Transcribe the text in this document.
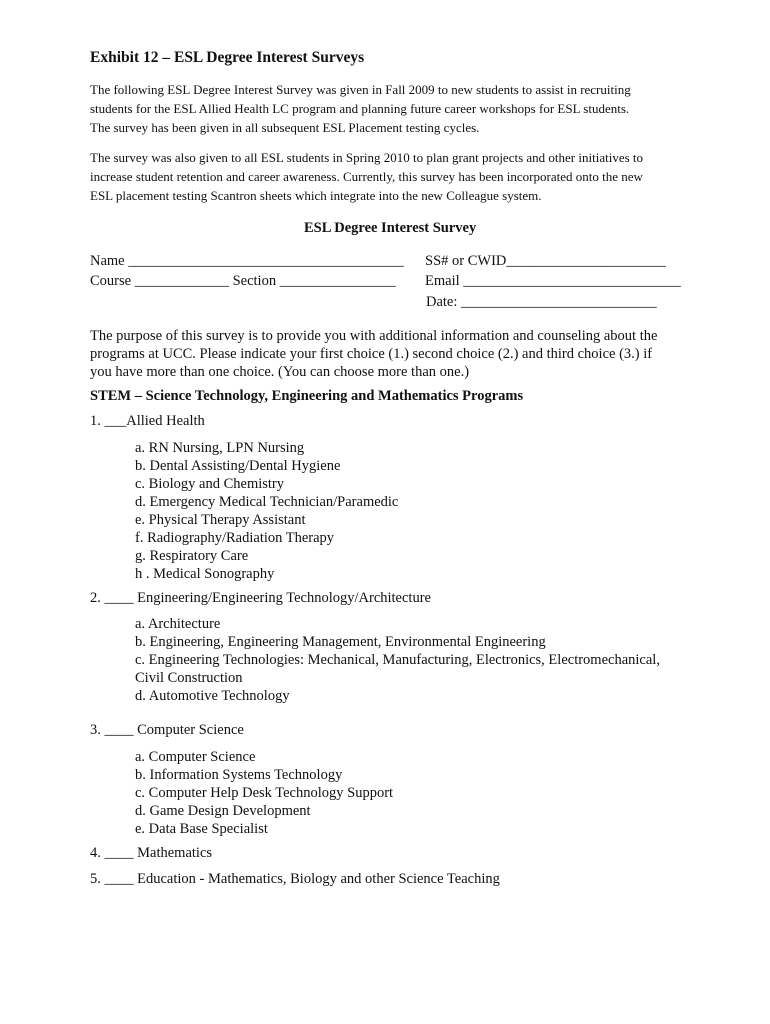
Exhibit 12 – ESL Degree Interest Surveys
The following ESL Degree Interest Survey was given in Fall 2009 to new students to assist in recruiting
students for the ESL Allied Health LC program and planning future career workshops for ESL students.
The survey has been given in all subsequent ESL Placement testing cycles.
The survey was also given to all ESL students in Spring 2010 to plan grant projects and other initiatives to
increase student retention and career awareness. Currently, this survey has been incorporated onto the new
ESL placement testing Scantron sheets which integrate into the new Colleague system.
ESL Degree Interest Survey
Name ______________________________________ SS# or CWID______________________
Course _____________ Section ________________ Email ______________________________
Date: ___________________________
The purpose of this survey is to provide you with additional information and counseling about the
programs at UCC. Please indicate your first choice (1.) second choice (2.) and third choice (3.) if
you have more than one choice. (You can choose more than one.)
STEM – Science Technology, Engineering and Mathematics Programs
1. ___Allied Health
a. RN Nursing, LPN Nursing
b. Dental Assisting/Dental Hygiene
c. Biology and Chemistry
d. Emergency Medical Technician/Paramedic
e. Physical Therapy Assistant
f. Radiography/Radiation Therapy
g. Respiratory Care
h . Medical Sonography
2. ____ Engineering/Engineering Technology/Architecture
a. Architecture
b. Engineering, Engineering Management, Environmental Engineering
c. Engineering Technologies: Mechanical, Manufacturing, Electronics, Electromechanical,
Civil Construction
d. Automotive Technology
3. ____ Computer Science
a. Computer Science
b. Information Systems Technology
c. Computer Help Desk Technology Support
d. Game Design Development
e. Data Base Specialist
4. ____ Mathematics
5. ____ Education - Mathematics, Biology and other Science Teaching
